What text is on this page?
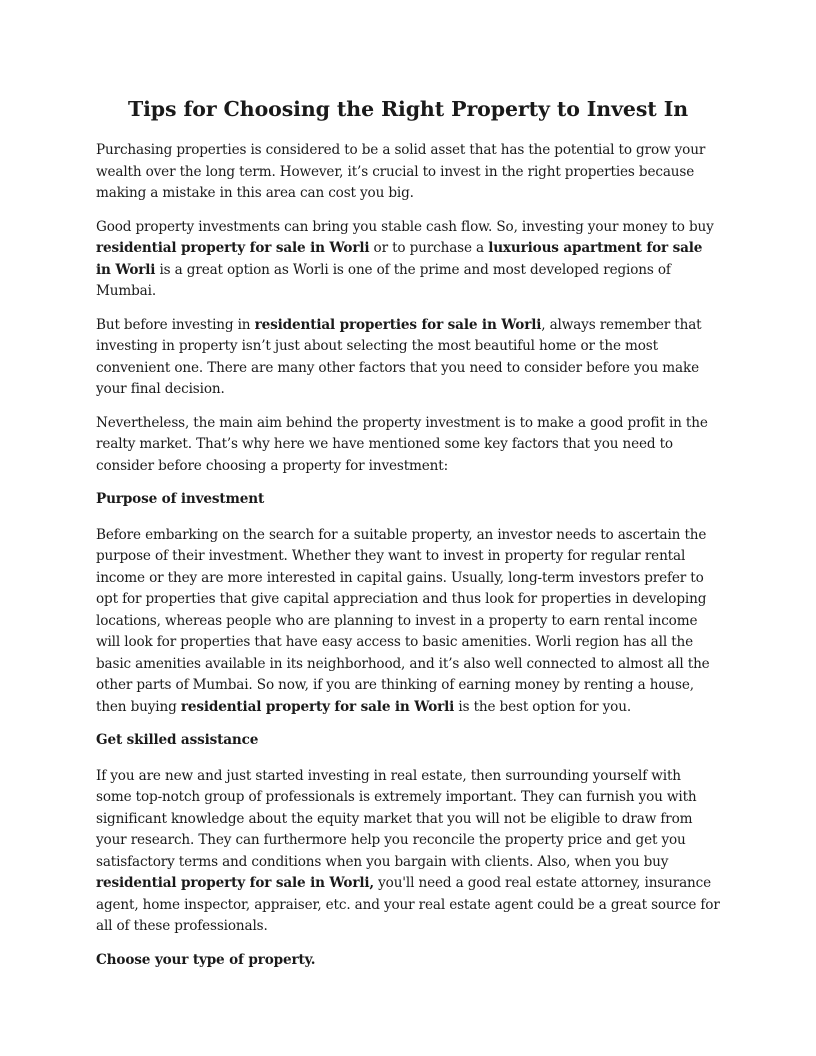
Tips for Choosing the Right Property to Invest In

Purchasing properties is considered to be a solid asset that has the potential to grow your wealth over the long term. However, it’s crucial to invest in the right properties because making a mistake in this area can cost you big.

Good property investments can bring you stable cash flow. So, investing your money to buy residential property for sale in Worli or to purchase a luxurious apartment for sale in Worli is a great option as Worli is one of the prime and most developed regions of Mumbai.

But before investing in residential properties for sale in Worli, always remember that investing in property isn’t just about selecting the most beautiful home or the most convenient one. There are many other factors that you need to consider before you make your final decision.

Nevertheless, the main aim behind the property investment is to make a good profit in the realty market. That’s why here we have mentioned some key factors that you need to consider before choosing a property for investment:

Purpose of investment

Before embarking on the search for a suitable property, an investor needs to ascertain the purpose of their investment. Whether they want to invest in property for regular rental income or they are more interested in capital gains. Usually, long-term investors prefer to opt for properties that give capital appreciation and thus look for properties in developing locations, whereas people who are planning to invest in a property to earn rental income will look for properties that have easy access to basic amenities. Worli region has all the basic amenities available in its neighborhood, and it’s also well connected to almost all the other parts of Mumbai. So now, if you are thinking of earning money by renting a house, then buying residential property for sale in Worli is the best option for you.

Get skilled assistance

If you are new and just started investing in real estate, then surrounding yourself with some top-notch group of professionals is extremely important. They can furnish you with significant knowledge about the equity market that you will not be eligible to draw from your research. They can furthermore help you reconcile the property price and get you satisfactory terms and conditions when you bargain with clients. Also, when you buy residential property for sale in Worli, you'll need a good real estate attorney, insurance agent, home inspector, appraiser, etc. and your real estate agent could be a great source for all of these professionals.

Choose your type of property.
